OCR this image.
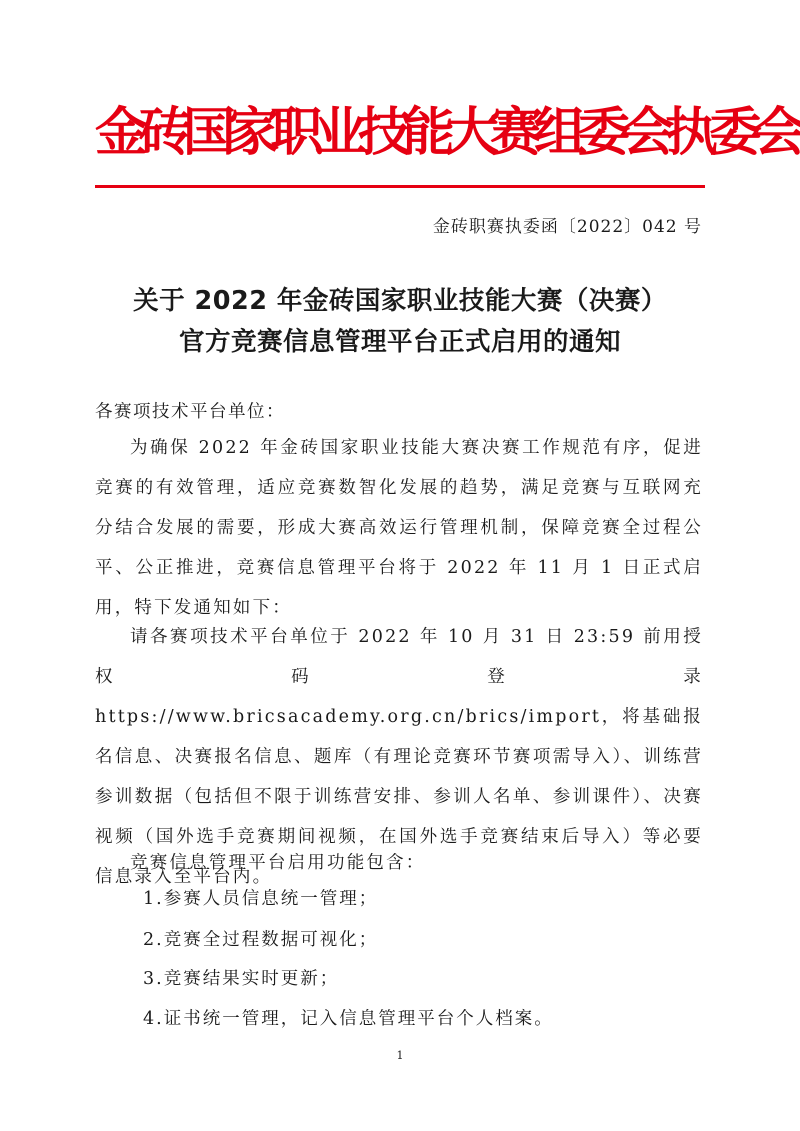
金砖国家职业技能大赛组委会执委会
金砖职赛执委函〔2022〕042 号
关于 2022 年金砖国家职业技能大赛（决赛）
官方竞赛信息管理平台正式启用的通知
各赛项技术平台单位：

为确保 2022 年金砖国家职业技能大赛决赛工作规范有序，促进竞赛的有效管理，适应竞赛数智化发展的趋势，满足竞赛与互联网充分结合发展的需要，形成大赛高效运行管理机制，保障竞赛全过程公平、公正推进，竞赛信息管理平台将于 2022 年 11 月 1 日正式启用，特下发通知如下：

请各赛项技术平台单位于 2022 年 10 月 31 日 23:59 前用授权码登录 https://www.bricsacademy.org.cn/brics/import，将基础报名信息、决赛报名信息、题库（有理论竞赛环节赛项需导入）、训练营参训数据（包括但不限于训练营安排、参训人名单、参训课件）、决赛视频（国外选手竞赛期间视频，在国外选手竞赛结束后导入）等必要信息录入至平台内。

竞赛信息管理平台启用功能包含：

1.参赛人员信息统一管理；
2.竞赛全过程数据可视化；
3.竞赛结果实时更新；
4.证书统一管理，记入信息管理平台个人档案。
1
